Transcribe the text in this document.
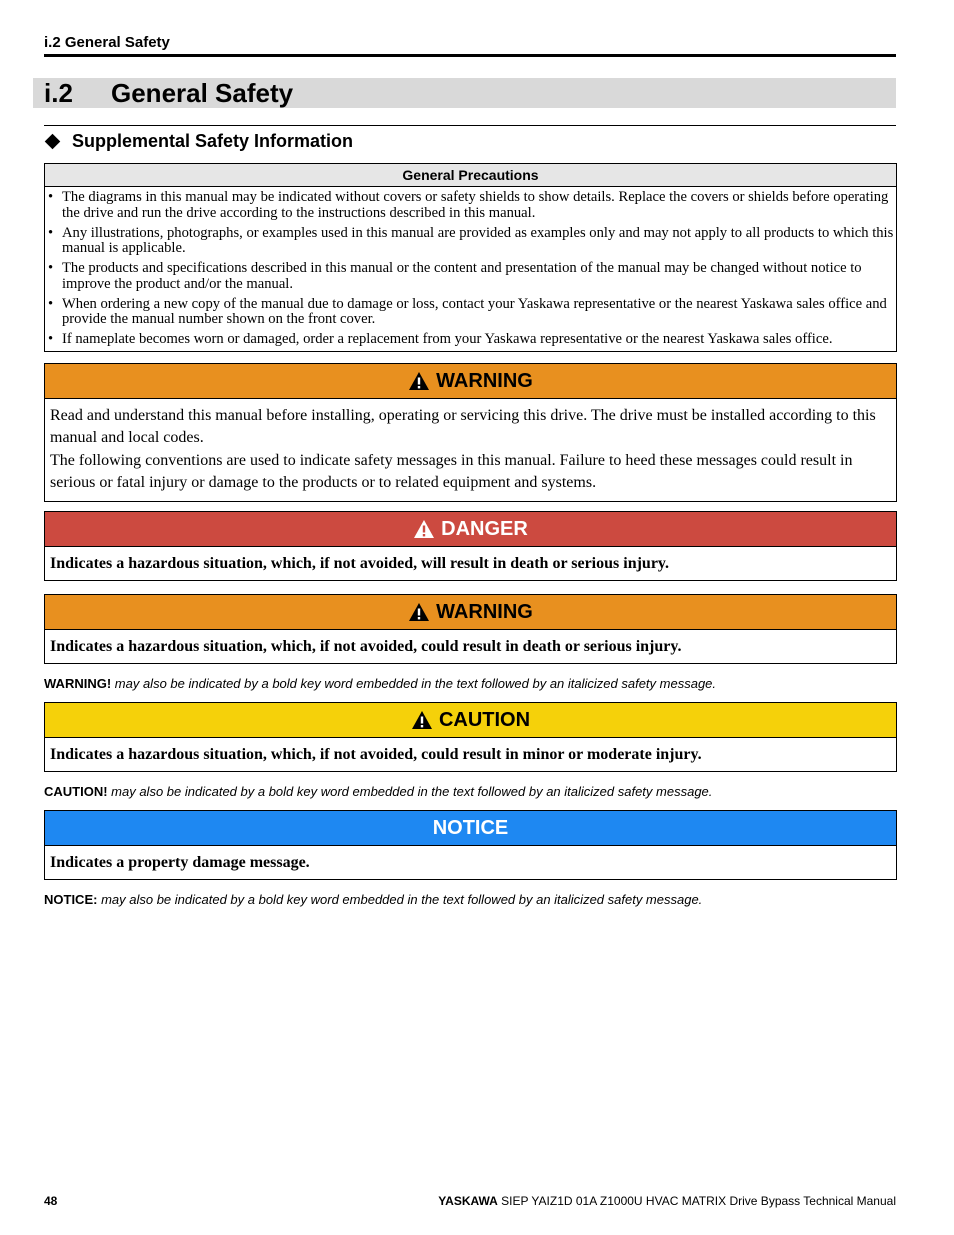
i.2 General Safety
i.2 General Safety
Supplemental Safety Information
General Precautions
• The diagrams in this manual may be indicated without covers or safety shields to show details. Replace the covers or shields before operating the drive and run the drive according to the instructions described in this manual.
• Any illustrations, photographs, or examples used in this manual are provided as examples only and may not apply to all products to which this manual is applicable.
• The products and specifications described in this manual or the content and presentation of the manual may be changed without notice to improve the product and/or the manual.
• When ordering a new copy of the manual due to damage or loss, contact your Yaskawa representative or the nearest Yaskawa sales office and provide the manual number shown on the front cover.
• If nameplate becomes worn or damaged, order a replacement from your Yaskawa representative or the nearest Yaskawa sales office.
WARNING

Read and understand this manual before installing, operating or servicing this drive. The drive must be installed according to this manual and local codes.

The following conventions are used to indicate safety messages in this manual. Failure to heed these messages could result in serious or fatal injury or damage to the products or to related equipment and systems.

DANGER
Indicates a hazardous situation, which, if not avoided, will result in death or serious injury.
WARNING
Indicates a hazardous situation, which, if not avoided, could result in death or serious injury.
WARNING! may also be indicated by a bold key word embedded in the text followed by an italicized safety message.
CAUTION
Indicates a hazardous situation, which, if not avoided, could result in minor or moderate injury.
CAUTION! may also be indicated by a bold key word embedded in the text followed by an italicized safety message.
NOTICE
Indicates a property damage message.
NOTICE: may also be indicated by a bold key word embedded in the text followed by an italicized safety message.
48	YASKAWA SIEP YAIZ1D 01A Z1000U HVAC MATRIX Drive Bypass Technical Manual
